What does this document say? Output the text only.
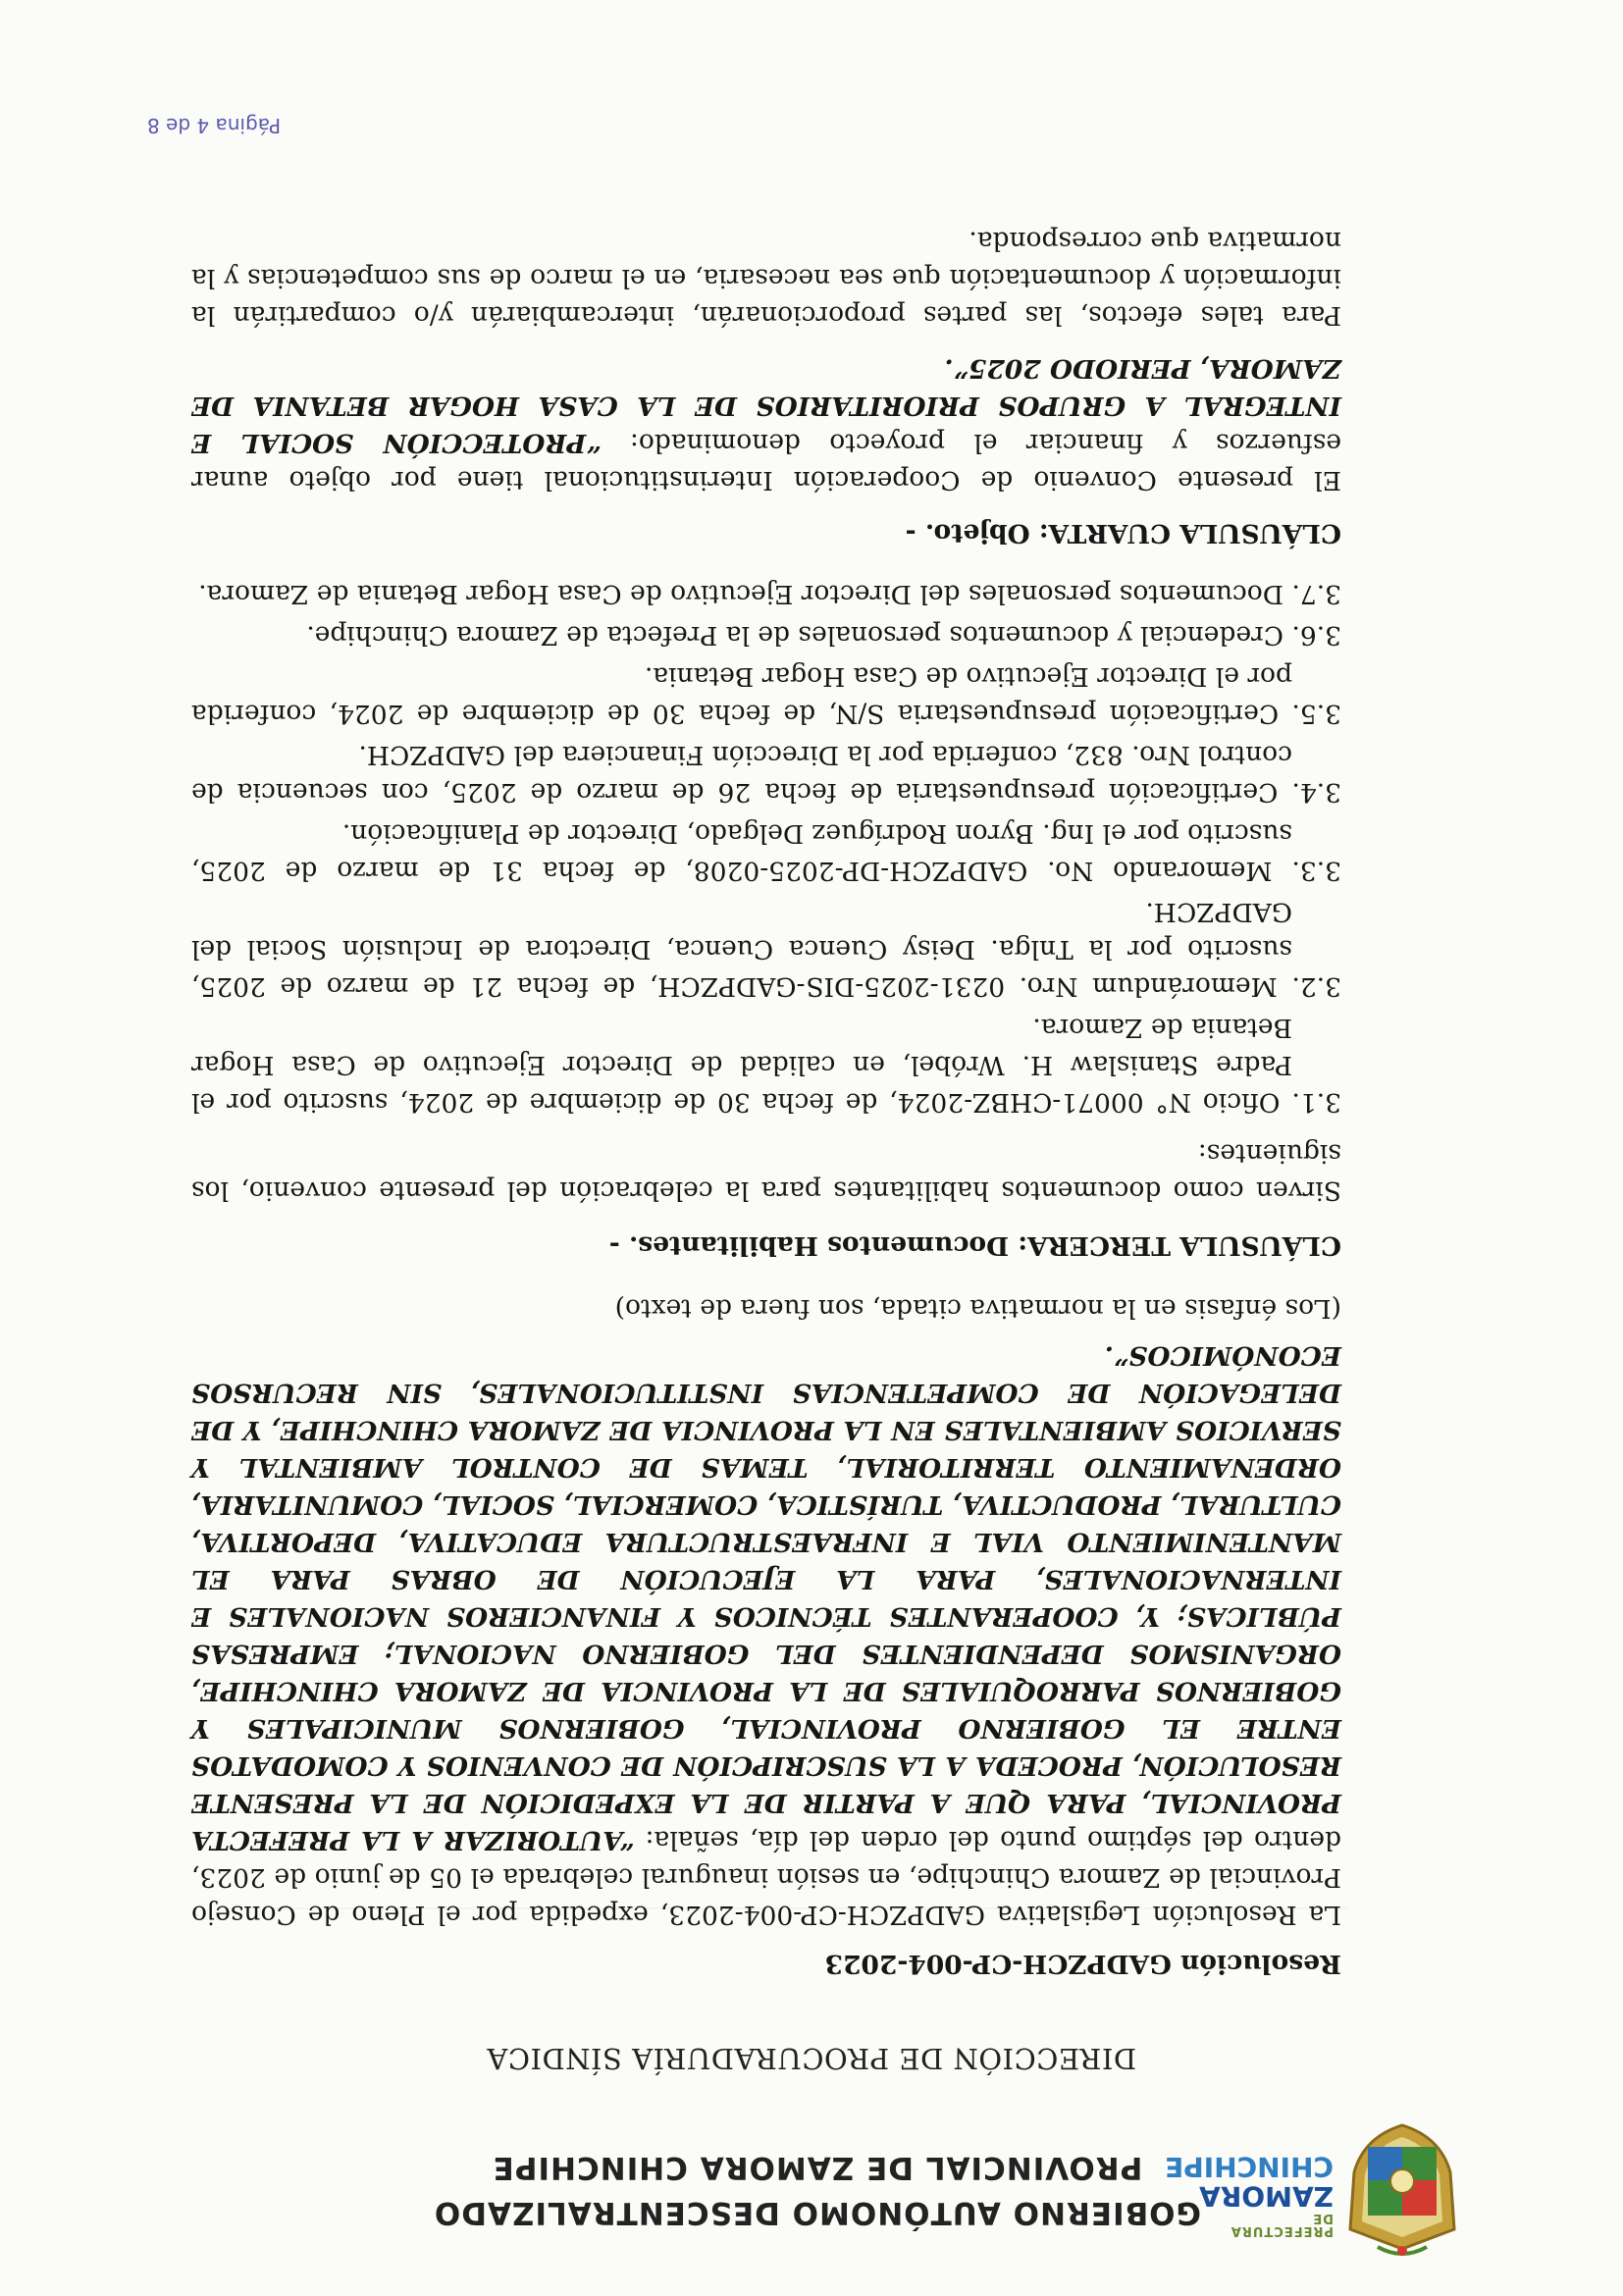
PREFECTURA DE
ZAMORA
CHINCHIPE
GOBIERNO AUTÓNOMO DESCENTRALIZADO
PROVINCIAL DE ZAMORA CHINCHIPE
DIRECCIÓN DE PROCURADURÍA SÍNDICA

Resolución GADPZCH-CP-004-2023

La Resolución Legislativa GADPZCH-CP-004-2023, expedida por el Pleno de Consejo Provincial de Zamora Chinchipe, en sesión inaugural celebrada el 05 de junio de 2023, dentro del séptimo punto del orden del día, señala: “AUTORIZAR A LA PREFECTA PROVINCIAL, PARA QUE A PARTIR DE LA EXPEDICIÓN DE LA PRESENTE RESOLUCIÓN, PROCEDA A LA SUSCRIPCIÓN DE CONVENIOS Y COMODATOS ENTRE EL GOBIERNO PROVINCIAL, GOBIERNOS MUNICIPALES Y GOBIERNOS PARROQUIALES DE LA PROVINCIA DE ZAMORA CHINCHIPE, ORGANISMOS DEPENDIENTES DEL GOBIERNO NACIONAL; EMPRESAS PÚBLICAS; Y, COOPERANTES TÉCNICOS Y FINANCIEROS NACIONALES E INTERNACIONALES, PARA LA EJECUCIÓN DE OBRAS PARA EL MANTENIMIENTO VIAL E INFRAESTRUCTURA EDUCATIVA, DEPORTIVA, CULTURAL, PRODUCTIVA, TURÍSTICA, COMERCIAL, SOCIAL, COMUNITARIA, ORDENAMIENTO TERRITORIAL, TEMAS DE CONTROL AMBIENTAL Y SERVICIOS AMBIENTALES EN LA PROVINCIA DE ZAMORA CHINCHIPE, Y DE DELEGACIÓN DE COMPETENCIAS INSTITUCIONALES, SIN RECURSOS ECONÓMICOS”.

(Los énfasis en la normativa citada, son fuera de texto)

CLÁUSULA TERCERA: Documentos Habilitantes. -

Sirven como documentos habilitantes para la celebración del presente convenio, los siguientes:

3.1. Oficio N° 00071-CHBZ-2024, de fecha 30 de diciembre de 2024, suscrito por el Padre Stanislaw H. Wróbel, en calidad de Director Ejecutivo de Casa Hogar Betania de Zamora.

3.2. Memorándum Nro. 0231-2025-DIS-GADPZCH, de fecha 21 de marzo de 2025, suscrito por la Tnlga. Deisy Cuenca Cuenca, Directora de Inclusión Social del GADPZCH.

3.3. Memorando No. GADPZCH-DP-2025-0208, de fecha 31 de marzo de 2025, suscrito por el Ing. Byron Rodríguez Delgado, Director de Planificación.

3.4. Certificación presupuestaria de fecha 26 de marzo de 2025, con secuencia de control Nro. 832, conferida por la Dirección Financiera del GADPZCH.

3.5. Certificación presupuestaria S/N, de fecha 30 de diciembre de 2024, conferida por el Director Ejecutivo de Casa Hogar Betania.

3.6. Credencial y documentos personales de la Prefecta de Zamora Chinchipe.

3.7. Documentos personales del Director Ejecutivo de Casa Hogar Betania de Zamora.

CLÁUSULA CUARTA: Objeto. -

El presente Convenio de Cooperación Interinstitucional tiene por objeto aunar esfuerzos y financiar el proyecto denominado: “PROTECCIÓN SOCIAL E INTEGRAL A GRUPOS PRIORITARIOS DE LA CASA HOGAR BETANIA DE ZAMORA, PERIODO 2025”.

Para tales efectos, las partes proporcionarán, intercambiarán y/o compartirán la información y documentación que sea necesaria, en el marco de sus competencias y la normativa que corresponda.

Página 4 de 8
